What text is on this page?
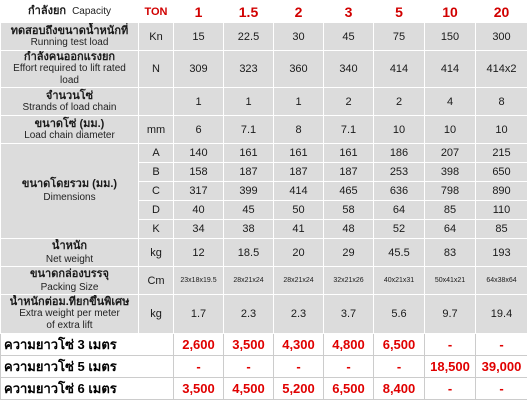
กำลังยก Capacity	TON	1	1.5	2	3	5	10	20
ทดสอบถึงขนาดน้ำหนักที่
Running test load	Kn	15	22.5	30	45	75	150	300
กำลังคนออกแรงยก
Effort required to lift rated
load	N	309	323	360	340	414	414	414x2
จำนวนโซ่
Strands of load chain		1	1	1	2	2	4	8
ขนาดโซ่ (มม.)
Load chain diameter	mm	6	7.1	8	7.1	10	10	10

ขนาดโดยรวม (มม.)
Dimensions	A	140	161	161	161	186	207	215
	B	158	187	187	187	253	398	650
	C	317	399	414	465	636	798	890
	D	40	45	50	58	64	85	110
	K	34	38	41	48	52	64	85

น้ำหนัก
Net weight	kg	12	18.5	20	29	45.5	83	193

ขนาดกล่องบรรจุ
Packing Size	Cm	23x18x19.5	28x21x24	28x21x24	32x21x26	40x21x31	50x41x21	64x38x64
น้ำหนักต่อม.ที่ยกขึ้นพิเศษ
Extra weight per meter
of extra lift	kg	1.7	2.3	2.3	3.7	5.6	9.7	19.4
ความยาวโซ่ 3 เมตร		2,600	3,500	4,300	4,800	6,500	-	-
ความยาวโซ่ 5 เมตร		-	-	-	-	-	18,500	39,000
ความยาวโซ่ 6 เมตร		3,500	4,500	5,200	6,500	8,400	-	-
